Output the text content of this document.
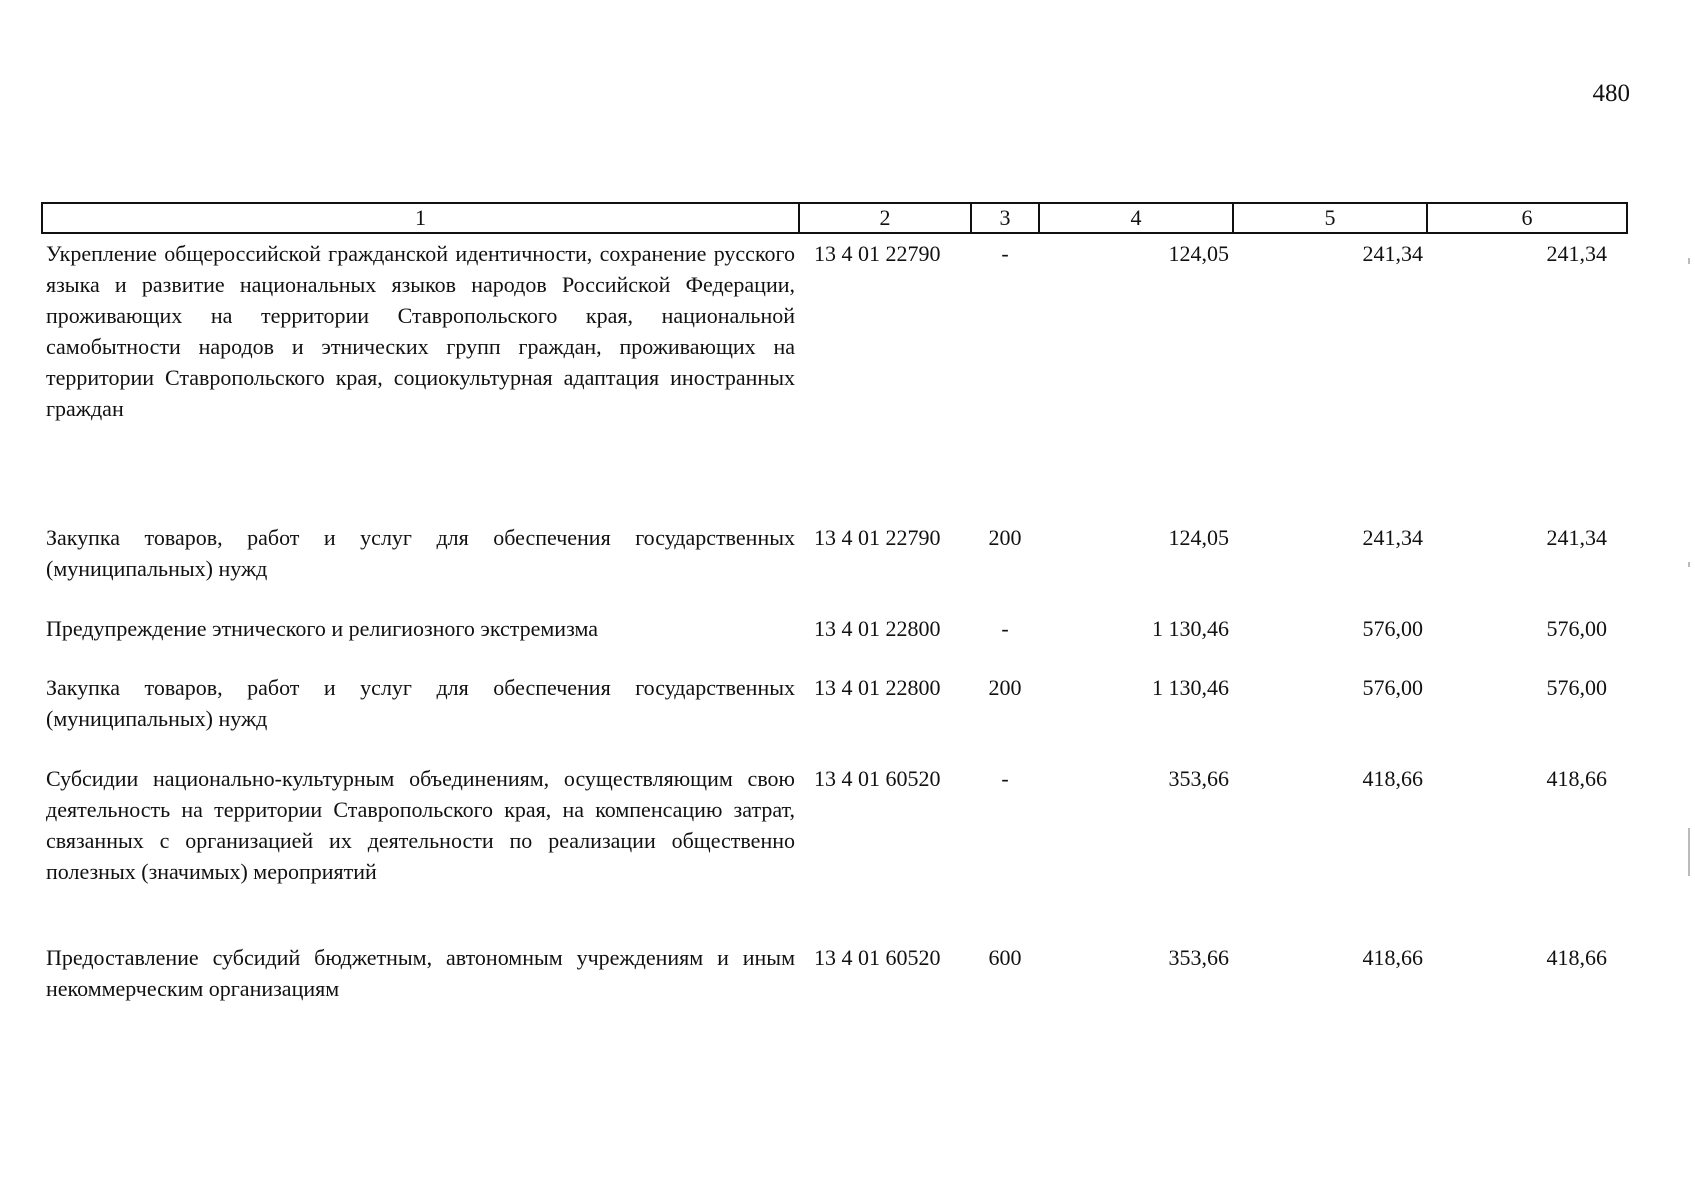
480
1	2	3	4	5	6
Укрепление общероссийской гражданской идентичности, сохранение русского языка и развитие национальных языков народов Российской Федерации, проживающих на территории Ставропольского края, национальной самобытности народов и этнических групп граждан, проживающих на территории Ставропольского края, социокультурная адаптация иностранных граждан	13 4 01 22790	-	124,05	241,34	241,34
Закупка товаров, работ и услуг для обеспечения государственных (муниципальных) нужд	13 4 01 22790	200	124,05	241,34	241,34
Предупреждение этнического и религиозного экстремизма	13 4 01 22800	-	1 130,46	576,00	576,00
Закупка товаров, работ и услуг для обеспечения государственных (муниципальных) нужд	13 4 01 22800	200	1 130,46	576,00	576,00
Субсидии национально-культурным объединениям, осуществляющим свою деятельность на территории Ставропольского края, на компенсацию затрат, связанных с организацией их деятельности по реализации общественно полезных (значимых) мероприятий	13 4 01 60520	-	353,66	418,66	418,66
Предоставление субсидий бюджетным, автономным учреждениям и иным некоммерческим организациям	13 4 01 60520	600	353,66	418,66	418,66
